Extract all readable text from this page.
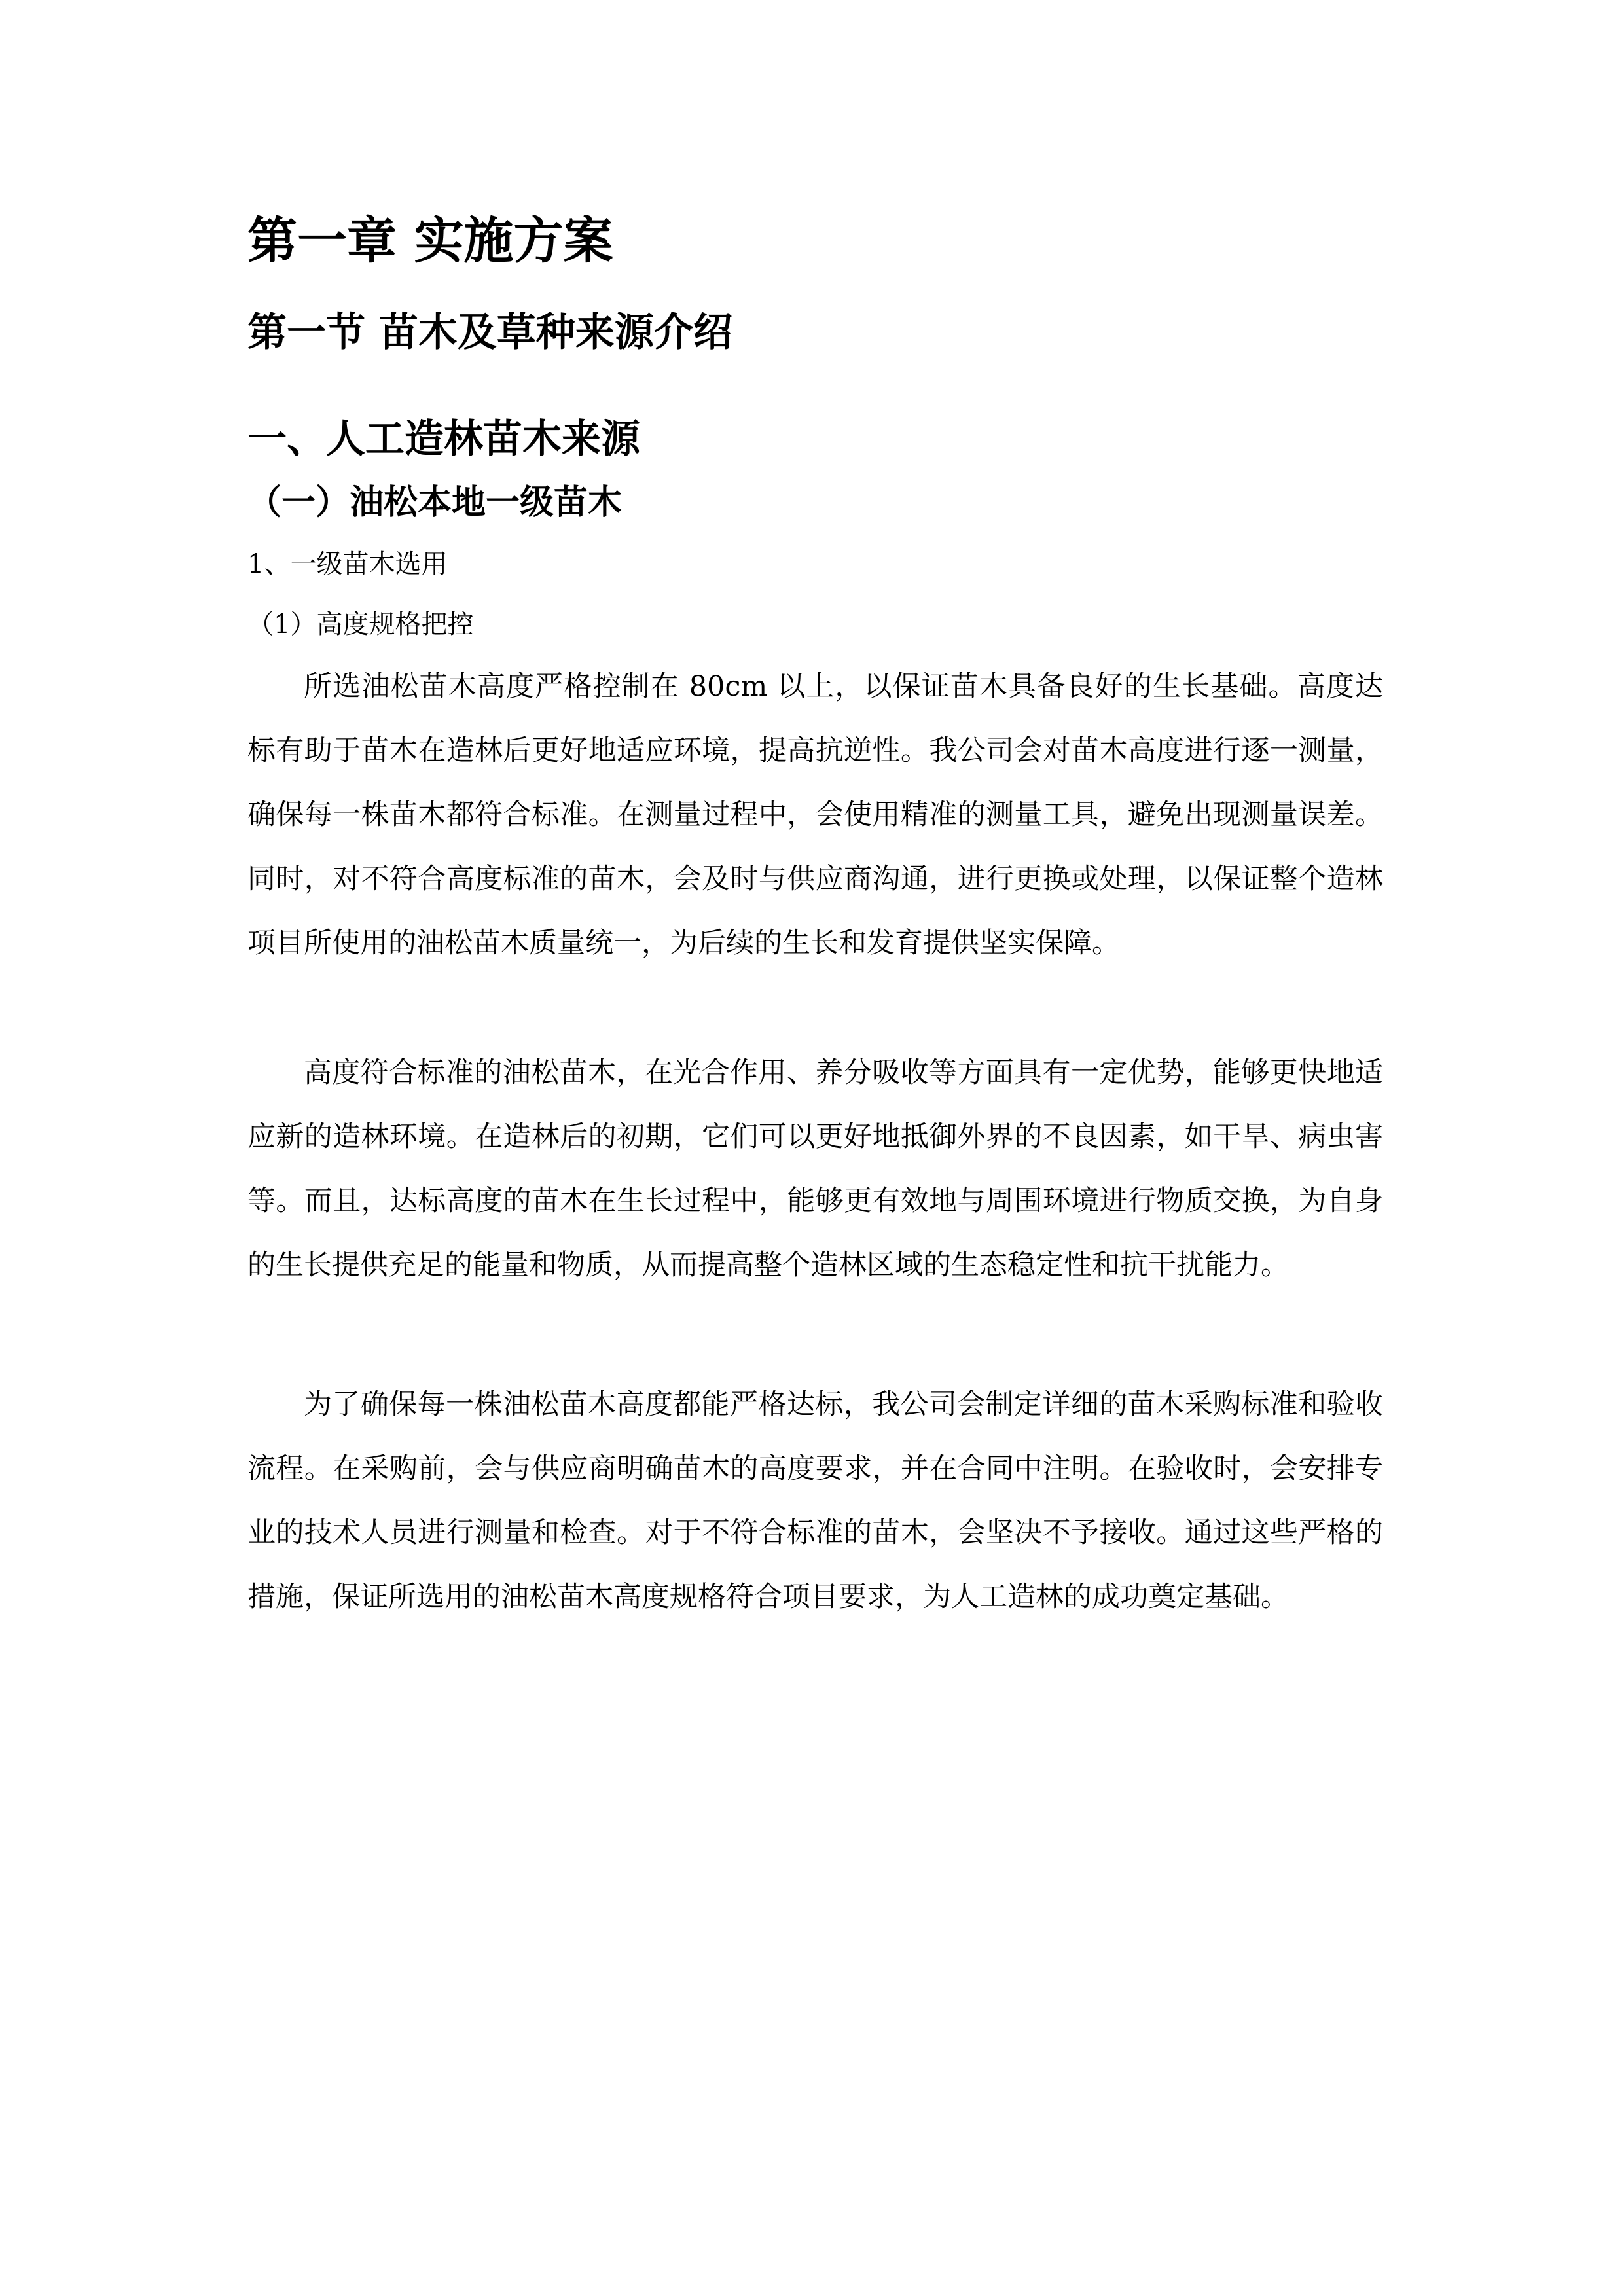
第一章 实施方案
第一节 苗木及草种来源介绍
一、人工造林苗木来源
（一）油松本地一级苗木
1、一级苗木选用
（1）高度规格把控

所选油松苗木高度严格控制在 80cm 以上，以保证苗木具备良好的生长基础。高度达标有助于苗木在造林后更好地适应环境，提高抗逆性。我公司会对苗木高度进行逐一测量，确保每一株苗木都符合标准。在测量过程中，会使用精准的测量工具，避免出现测量误差。同时，对不符合高度标准的苗木，会及时与供应商沟通，进行更换或处理，以保证整个造林项目所使用的油松苗木质量统一，为后续的生长和发育提供坚实保障。

高度符合标准的油松苗木，在光合作用、养分吸收等方面具有一定优势，能够更快地适应新的造林环境。在造林后的初期，它们可以更好地抵御外界的不良因素，如干旱、病虫害等。而且，达标高度的苗木在生长过程中，能够更有效地与周围环境进行物质交换，为自身的生长提供充足的能量和物质，从而提高整个造林区域的生态稳定性和抗干扰能力。

为了确保每一株油松苗木高度都能严格达标，我公司会制定详细的苗木采购标准和验收流程。在采购前，会与供应商明确苗木的高度要求，并在合同中注明。在验收时，会安排专业的技术人员进行测量和检查。对于不符合标准的苗木，会坚决不予接收。通过这些严格的措施，保证所选用的油松苗木高度规格符合项目要求，为人工造林的成功奠定基础。
